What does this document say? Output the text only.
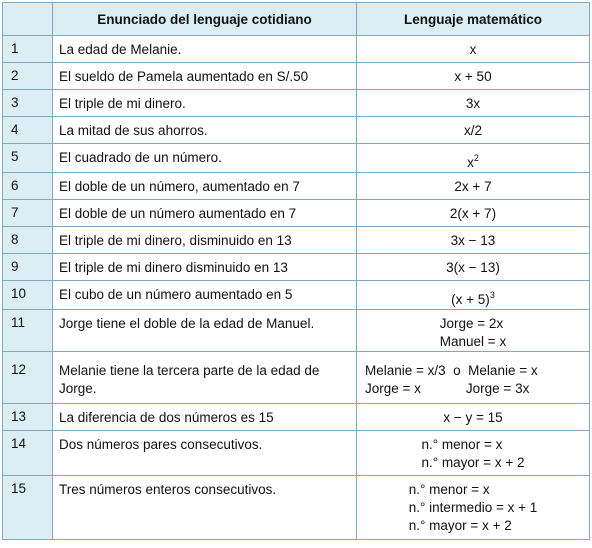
	Enunciado del lenguaje cotidiano	Lenguaje matemático
1	La edad de Melanie.	x

2	El sueldo de Pamela aumentado en S/.50	x + 50

3	El triple de mi dinero.	3x

4	La mitad de sus ahorros.	x/2

5	El cuadrado de un número.	$x^2$
6	El doble de un número, aumentado en 7	2x + 7

7	El doble de un número aumentado en 7	2(x + 7)

8	El triple de mi dinero, disminuido en 13	3x − 13

9	El triple de mi dinero disminuido en 13	3(x − 13)

10	El cubo de un número aumentado en 5	$(x + 5)^3$
11	Jorge tiene el doble de la edad de Manuel.	Jorge = 2x
Manuel = x

12	Melanie tiene la tercera parte de la edad de Jorge.	Melanie = x/3  o  Melanie = x
Jorge = x            Jorge = 3x

13	La diferencia de dos números es 15	x − y = 15

14	Dos números pares consecutivos.	n.° menor = x
n.° mayor = x + 2

15	Tres números enteros consecutivos.	n.° menor = x
n.° intermedio = x + 1
n.° mayor = x + 2
